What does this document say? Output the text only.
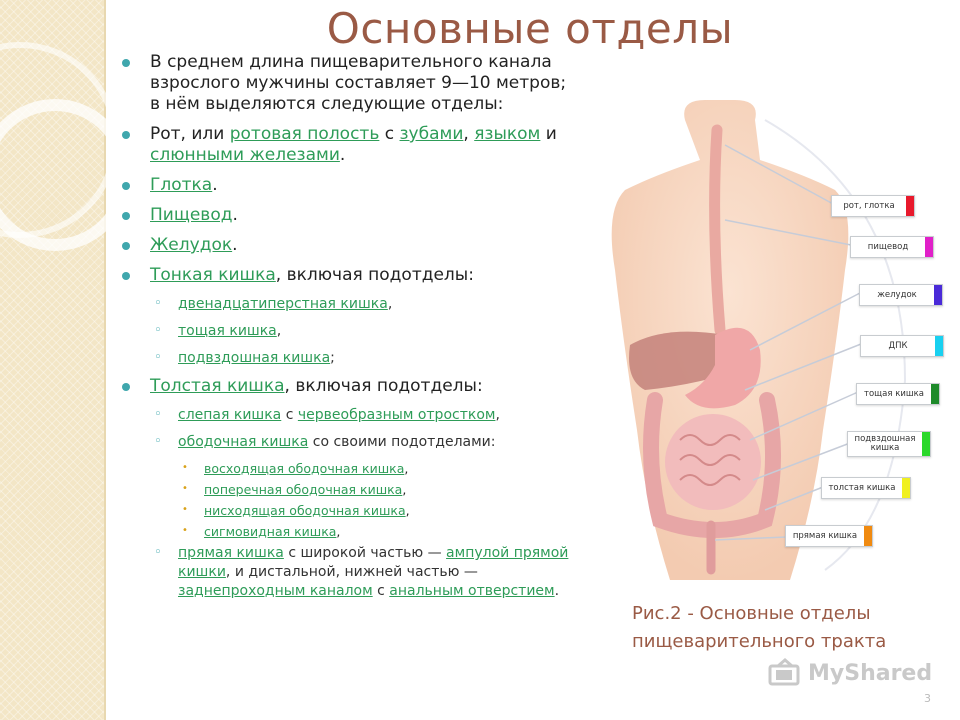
Основные отделы
В среднем длина пищеварительного канала взрослого мужчины составляет 9—10 метров; в нём выделяются следующие отделы:
Рот, или ротовая полость с зубами, языком и слюнными железами.
Глотка.
Пищевод.
Желудок.
Тонкая кишка, включая подотделы:
◦ двенадцатиперстная кишка,
◦ тощая кишка,
◦ подвздошная кишка;
Толстая кишка, включая подотделы:
◦ слепая кишка с червеобразным отростком,
◦ ободочная кишка со своими подотделами:
• восходящая ободочная кишка,
• поперечная ободочная кишка,
• нисходящая ободочная кишка,
• сигмовидная кишка,
◦ прямая кишка с широкой частью — ампулой прямой кишки, и дистальной, нижней частью — заднепроходным каналом с анальным отверстием.
рот, глотка
пищевод
желудок
ДПК
тощая кишка
подвздошная кишка
толстая кишка
прямая кишка
Рис.2 - Основные отделы пищеварительного тракта
MyShared
3
